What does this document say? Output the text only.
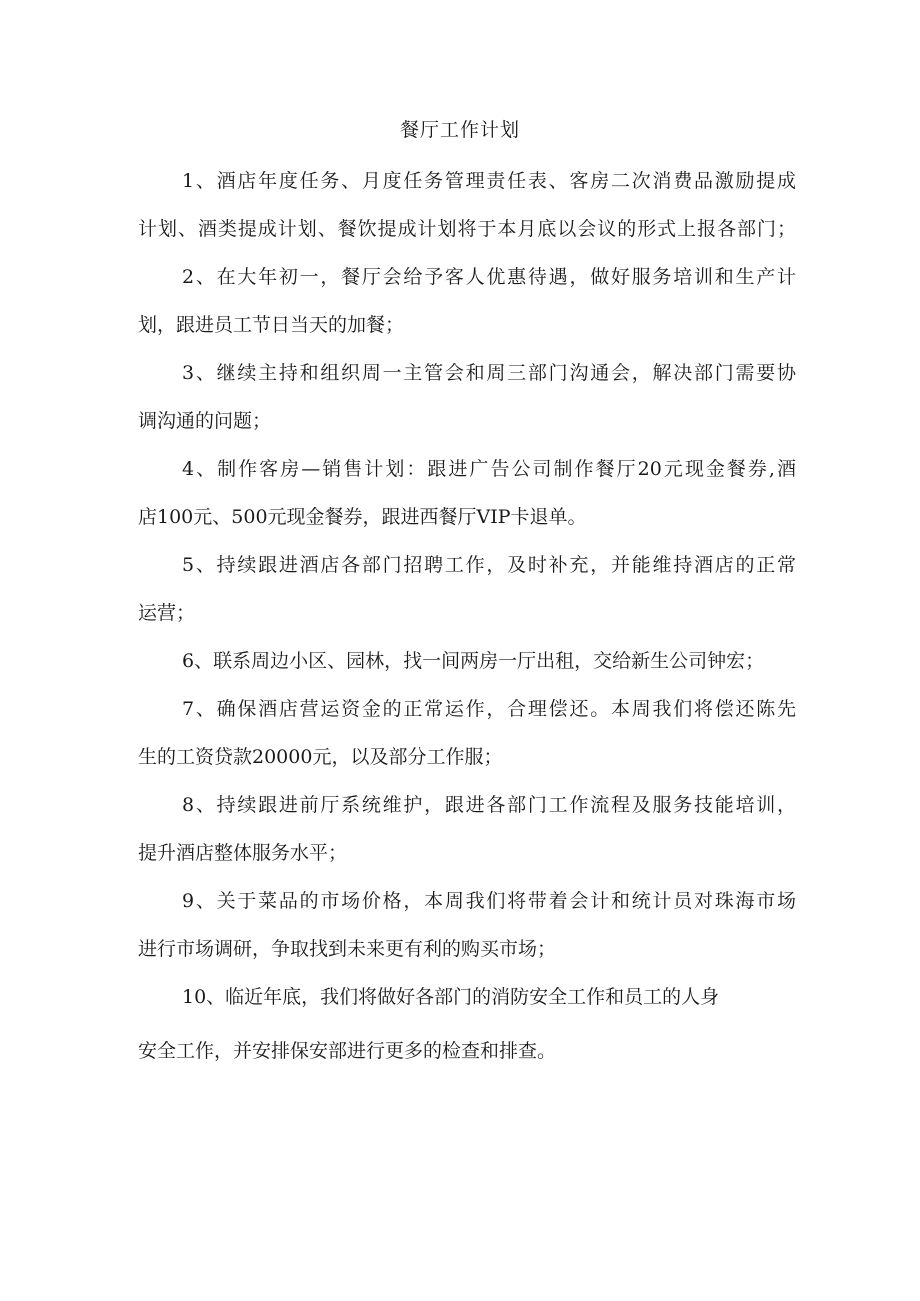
餐厅工作计划
1、酒店年度任务、月度任务管理责任表、客房二次消费品激励提成
计划、酒类提成计划、餐饮提成计划将于本月底以会议的形式上报各部门；
2、在大年初一，餐厅会给予客人优惠待遇，做好服务培训和生产计
划，跟进员工节日当天的加餐；
3、继续主持和组织周一主管会和周三部门沟通会，解决部门需要协
调沟通的问题；
4、制作客房—销售计划：跟进广告公司制作餐厅20元现金餐券,酒
店100元、500元现金餐券，跟进西餐厅VIP卡退单。
5、持续跟进酒店各部门招聘工作，及时补充，并能维持酒店的正常
运营；
6、联系周边小区、园林，找一间两房一厅出租，交给新生公司钟宏；
7、确保酒店营运资金的正常运作，合理偿还。本周我们将偿还陈先
生的工资贷款20000元，以及部分工作服；
8、持续跟进前厅系统维护，跟进各部门工作流程及服务技能培训，
提升酒店整体服务水平；
9、关于菜品的市场价格，本周我们将带着会计和统计员对珠海市场
进行市场调研，争取找到未来更有利的购买市场；
10、临近年底，我们将做好各部门的消防安全工作和员工的人身
安全工作，并安排保安部进行更多的检查和排查。
